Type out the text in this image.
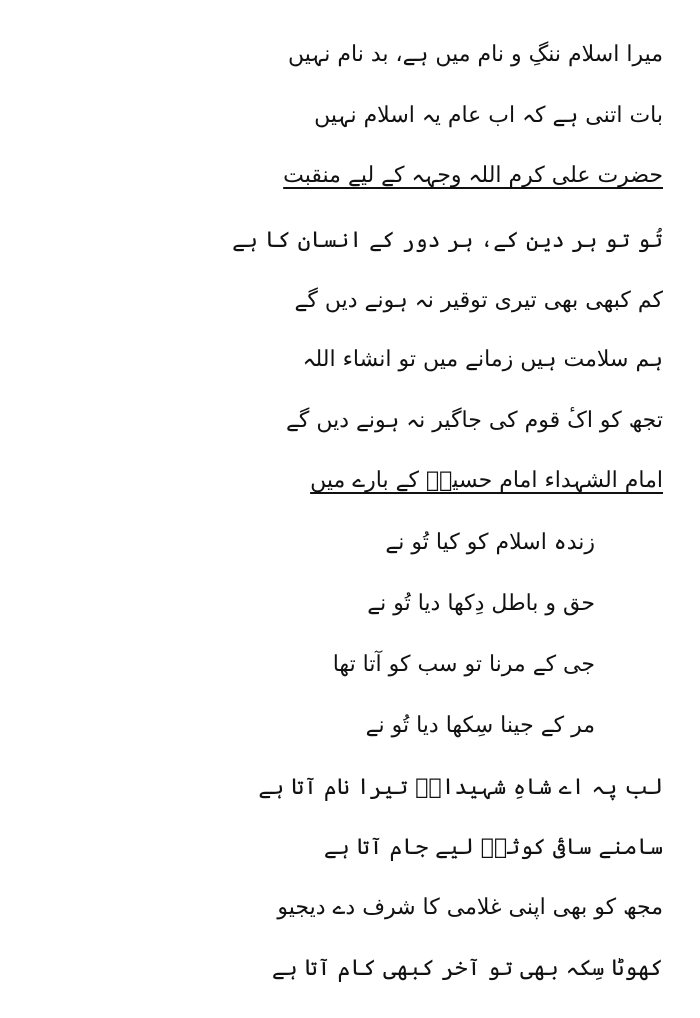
میرا اسلام ننگِ و نام میں ہے، بد نام نہیں
بات اتنی ہے کہ اب عام یہ اسلام نہیں
حضرت علی کرم اللہ وجہہ کے لیے منقبت
تُو تو ہر دین کے، ہر دور کے انسان کا ہے
کم کبھی بھی تیری توقیر نہ ہونے دیں گے
ہم سلامت ہیں زمانے میں تو انشاء اللہ
تجھ کو اکٔ قوم کی جاگیر نہ ہونے دیں گے
امام الشہداء امام حسینؑ کے بارے میں
زندہ اسلام کو کیا تُو نے
حق و باطل دِکھا دیا تُو نے
جی کے مرنا تو سب کو آتا تھا
مر کے جینا سِکھا دیا تُو نے
لب پہ اے شاہِ شہیداںؑ تیرا نام آتا ہے
سامنے ساقیٔ کوثرؓ لیے جام آتا ہے
مجھ کو بھی اپنی غلامی کا شرف دے دیجیو
کھوٹا سِکہ بھی تو آخر کبھی کام آتا ہے
